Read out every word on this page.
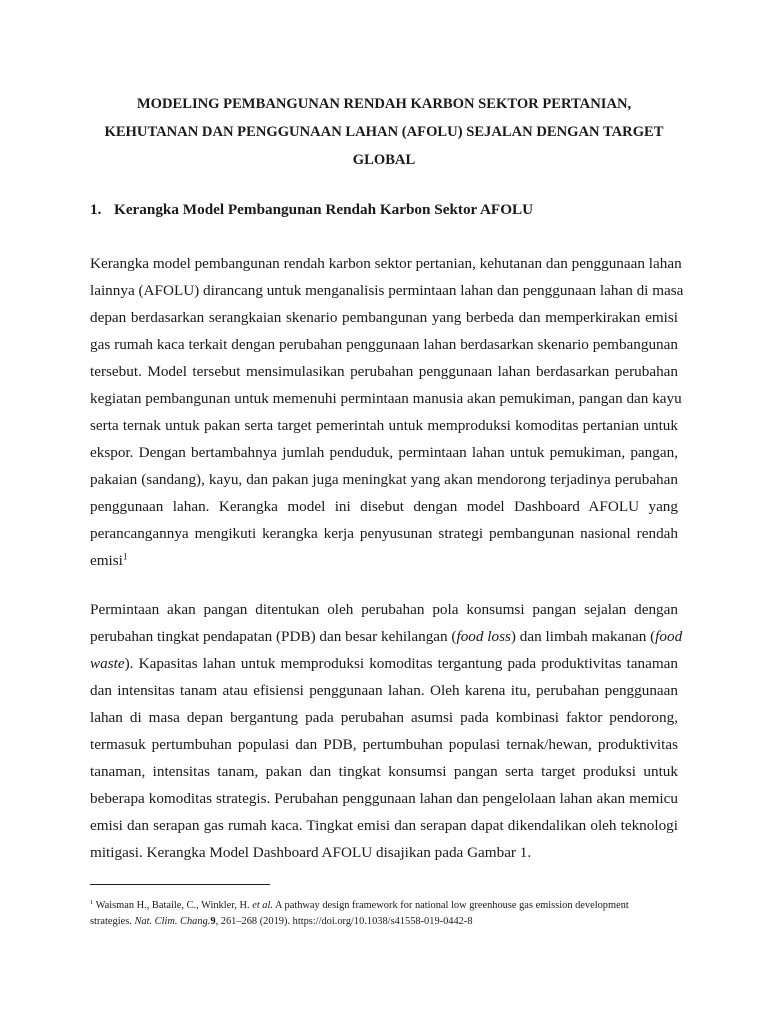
MODELING PEMBANGUNAN RENDAH KARBON SEKTOR PERTANIAN,
KEHUTANAN DAN PENGGUNAAN LAHAN (AFOLU) SEJALAN DENGAN TARGET
GLOBAL
1. Kerangka Model Pembangunan Rendah Karbon Sektor AFOLU
Kerangka model pembangunan rendah karbon sektor pertanian, kehutanan dan penggunaan lahan
lainnya (AFOLU) dirancang untuk menganalisis permintaan lahan dan penggunaan lahan di masa
depan berdasarkan serangkaian skenario pembangunan yang berbeda dan memperkirakan emisi
gas rumah kaca terkait dengan perubahan penggunaan lahan berdasarkan skenario pembangunan
tersebut. Model tersebut mensimulasikan perubahan penggunaan lahan berdasarkan perubahan
kegiatan pembangunan untuk memenuhi permintaan manusia akan pemukiman, pangan dan kayu
serta ternak untuk pakan serta target pemerintah untuk memproduksi komoditas pertanian untuk
ekspor. Dengan bertambahnya jumlah penduduk, permintaan lahan untuk pemukiman, pangan,
pakaian (sandang), kayu, dan pakan juga meningkat yang akan mendorong terjadinya perubahan
penggunaan lahan. Kerangka model ini disebut dengan model Dashboard AFOLU yang
perancangannya mengikuti kerangka kerja penyusunan strategi pembangunan nasional rendah
emisi$^1$
Permintaan akan pangan ditentukan oleh perubahan pola konsumsi pangan sejalan dengan
perubahan tingkat pendapatan (PDB) dan besar kehilangan (food loss) dan limbah makanan (food
waste). Kapasitas lahan untuk memproduksi komoditas tergantung pada produktivitas tanaman
dan intensitas tanam atau efisiensi penggunaan lahan. Oleh karena itu, perubahan penggunaan
lahan di masa depan bergantung pada perubahan asumsi pada kombinasi faktor pendorong,
termasuk pertumbuhan populasi dan PDB, pertumbuhan populasi ternak/hewan, produktivitas
tanaman, intensitas tanam, pakan dan tingkat konsumsi pangan serta target produksi untuk
beberapa komoditas strategis. Perubahan penggunaan lahan dan pengelolaan lahan akan memicu
emisi dan serapan gas rumah kaca. Tingkat emisi dan serapan dapat dikendalikan oleh teknologi
mitigasi. Kerangka Model Dashboard AFOLU disajikan pada Gambar 1.
$^1$ Waisman H., Bataile, C., Winkler, H. et al. A pathway design framework for national low greenhouse gas emission development
strategies. Nat. Clim. Chang.9, 261–268 (2019). https://doi.org/10.1038/s41558-019-0442-8
